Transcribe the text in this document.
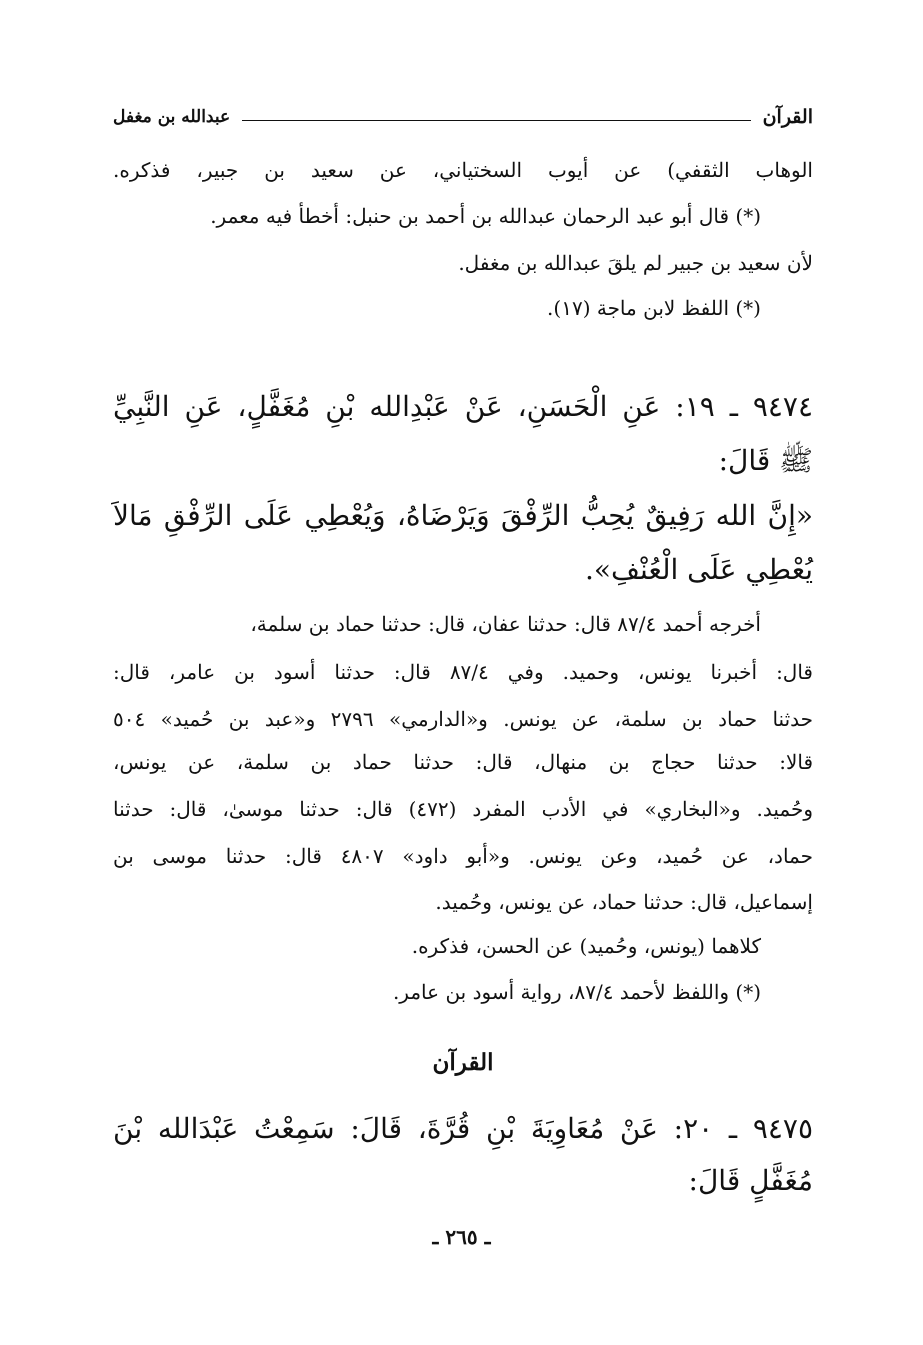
القرآن
عبدالله بن مغفل
الوهاب الثقفي) عن أيوب السختياني، عن سعيد بن جبير، فذكره.
(*) قال أبو عبد الرحمان عبدالله بن أحمد بن حنبل: أخطأ فيه معمر.
لأن سعيد بن جبير لم يلقَ عبدالله بن مغفل.
(*) اللفظ لابن ماجة (١٧).
٩٤٧٤ ـ ١٩: عَنِ الْحَسَنِ، عَنْ عَبْدِالله بْنِ مُغَفَّلٍ، عَنِ النَّبِيِّ
ﷺ قَالَ:
«إِنَّ الله رَفِيقٌ يُحِبُّ الرِّفْقَ وَيَرْضَاهُ، وَيُعْطِي عَلَى الرِّفْقِ مَالاَ
يُعْطِي عَلَى الْعُنْفِ».
أخرجه أحمد ٨٧/٤ قال: حدثنا عفان، قال: حدثنا حماد بن سلمة،
قال: أخبرنا يونس، وحميد. وفي ٨٧/٤ قال: حدثنا أسود بن عامر، قال:
حدثنا حماد بن سلمة، عن يونس. و«الدارمي» ٢٧٩٦ و«عبد بن حُميد» ٥٠٤
قالا: حدثنا حجاج بن منهال، قال: حدثنا حماد بن سلمة، عن يونس،
وحُميد. و«البخاري» في الأدب المفرد (٤٧٢) قال: حدثنا موسىٰ، قال: حدثنا
حماد، عن حُميد، وعن يونس. و«أبو داود» ٤٨٠٧ قال: حدثنا موسى بن
إسماعيل، قال: حدثنا حماد، عن يونس، وحُميد.
كلاهما (يونس، وحُميد) عن الحسن، فذكره.
(*) واللفظ لأحمد ٨٧/٤، رواية أسود بن عامر.
القرآن
٩٤٧٥ ـ ٢٠: عَنْ مُعَاوِيَةَ بْنِ قُرَّةَ، قَالَ: سَمِعْتُ عَبْدَالله بْنَ
مُغَفَّلٍ قَالَ:
ـ ٢٦٥ ـ
